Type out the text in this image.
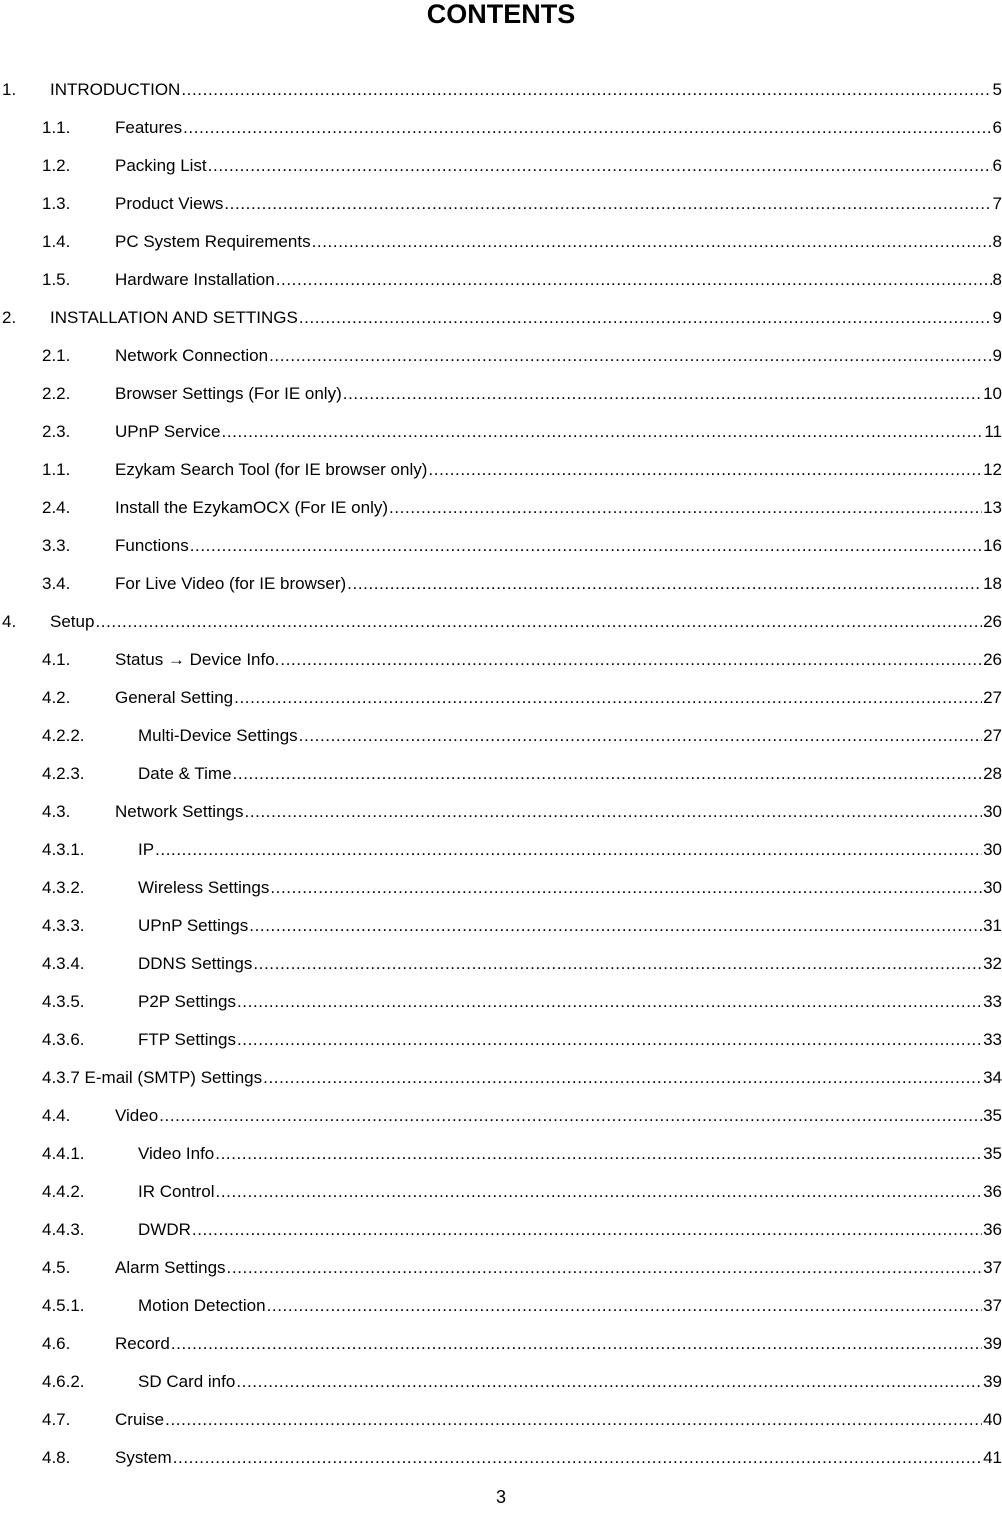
CONTENTS
1. INTRODUCTION .....	5
1.1.	Features .....	6
1.2.	Packing List .....	6
1.3.	Product Views .....	7
1.4.	PC System Requirements .....	8
1.5.	Hardware Installation .....	8
2. INSTALLATION AND SETTINGS .....	9
2.1.	Network Connection .....	9
2.2.	Browser Settings (For IE only) .....	10
2.3.	UPnP Service .....	11
1.1.	Ezykam Search Tool (for IE browser only) .....	12
2.4.	Install the EzykamOCX (For IE only) .....	13
3.3.	Functions .....	16
3.4.	For Live Video (for IE browser) .....	18
4. Setup .....	26
4.1.	Status → Device Info. .....	26
4.2.	General Setting .....	27
4.2.2.	Multi-Device Settings .....	27
4.2.3.	Date & Time .....	28
4.3.	Network Settings .....	30
4.3.1.	IP .....	30
4.3.2.	Wireless Settings .....	30
4.3.3.	UPnP Settings .....	31
4.3.4.	DDNS Settings .....	32
4.3.5.	P2P Settings .....	33
4.3.6.	FTP Settings .....	33
4.3.7 E-mail (SMTP) Settings .....	34
4.4.	Video .....	35
4.4.1.	Video Info .....	35
4.4.2.	IR Control .....	36
4.4.3.	DWDR .....	36
4.5.	Alarm Settings .....	37
4.5.1.	Motion Detection .....	37
4.6.	Record .....	39
4.6.2.	SD Card info .....	39
4.7.	Cruise .....	40
4.8.	System .....	41
3
